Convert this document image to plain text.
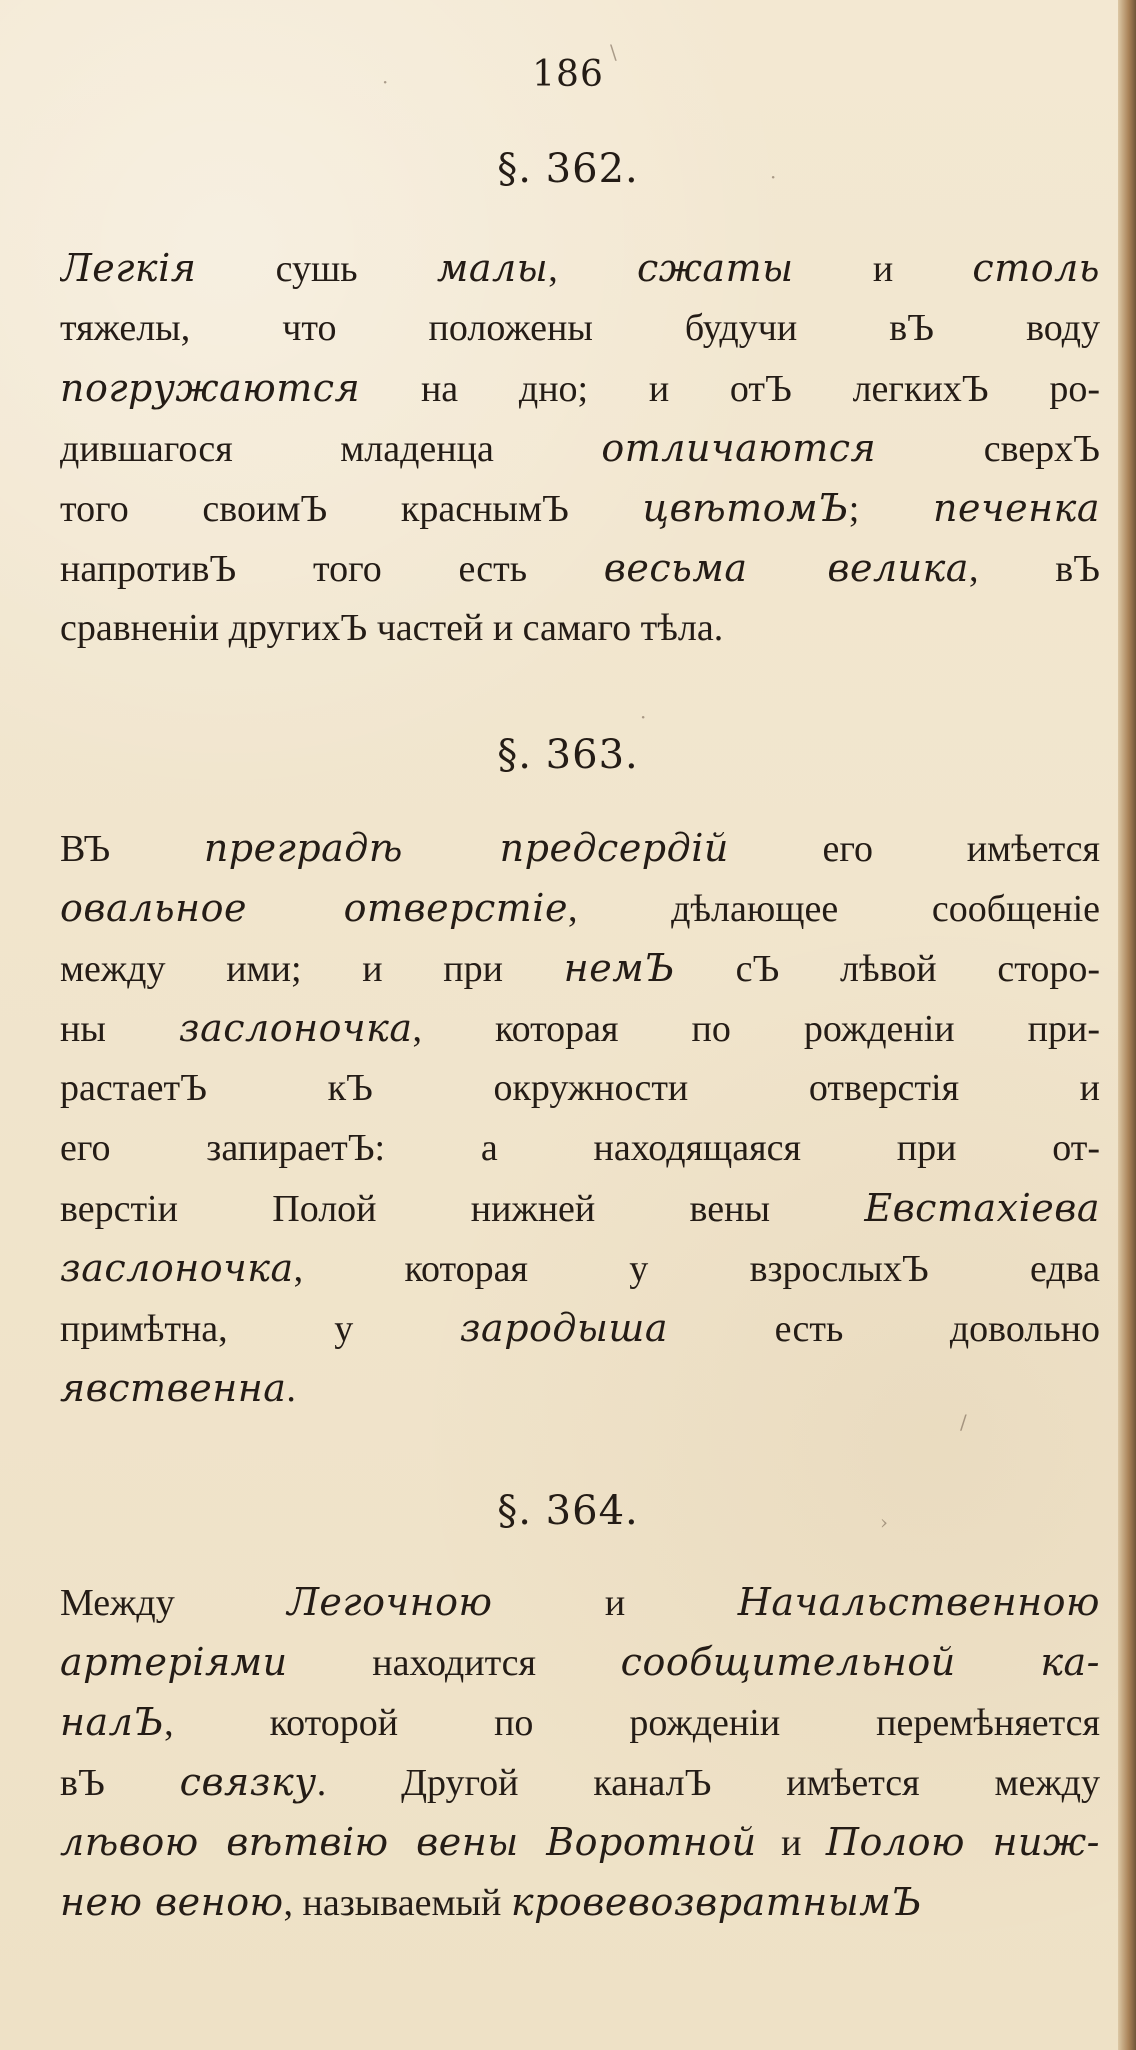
186
§. 362.
Легкія сушь малы, сжаты и столь
тяжелы, что положены будучи вЪ воду
погружаются на дно; и отЪ легкихЪ ро-
дившагося младенца отличаются сверхЪ
того своимЪ краснымЪ цвѣтомЪ; печенка
напротивЪ того есть весьма велика, вЪ
сравненіи другихЪ частей и самаго тѣла.
§. 363.
ВЪ преградѣ предсердій его имѣется
овальное отверстіе, дѣлающее сообщеніе
между ими; и при немЪ сЪ лѣвой сторо-
ны заслоночка, которая по рожденіи при-
растаетЪ кЪ окружности отверстія и
его запираетЪ: а находящаяся при от-
верстіи Полой нижней вены Евстахіева
заслоночка, которая у взрослыхЪ едва
примѣтна, у зародыша есть довольно
явственна.
§. 364.
Между Легочною и Начальственною
артеріями находится сообщительной ка-
налЪ, которой по рожденіи перемѣняется
вЪ связку. Другой каналЪ имѣется между
лѣвою вѣтвію вены Воротной и Полою ниж-
нею веною, называемый кровевозвратнымЪ
·
\
·
·
/
›
